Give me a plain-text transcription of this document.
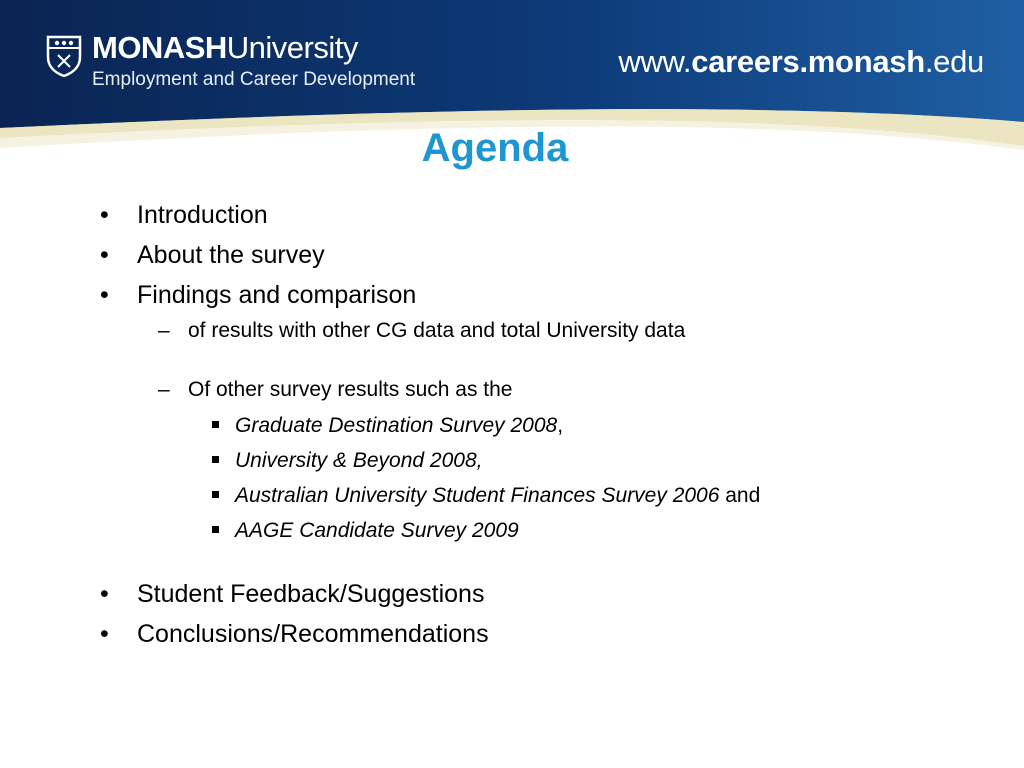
MONASHUniversity
Employment and Career Development
www.careers.monash.edu
Agenda
• Introduction
• About the survey
• Findings and comparison
– of results with other CG data and total University data
– Of other survey results such as the
Graduate Destination Survey 2008,
University & Beyond 2008,
Australian University Student Finances Survey 2006 and
AAGE Candidate Survey 2009
• Student Feedback/Suggestions
• Conclusions/Recommendations
